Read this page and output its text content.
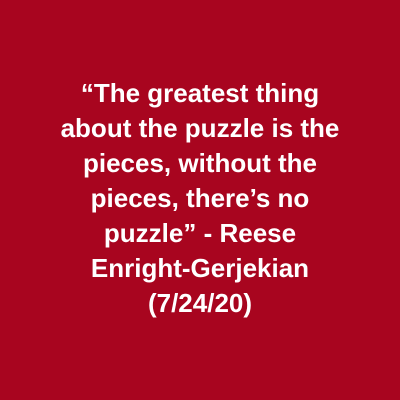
“The greatest thing
about the puzzle is the
pieces, without the
pieces, there’s no
puzzle” - Reese
Enright-Gerjekian
(7/24/20)
